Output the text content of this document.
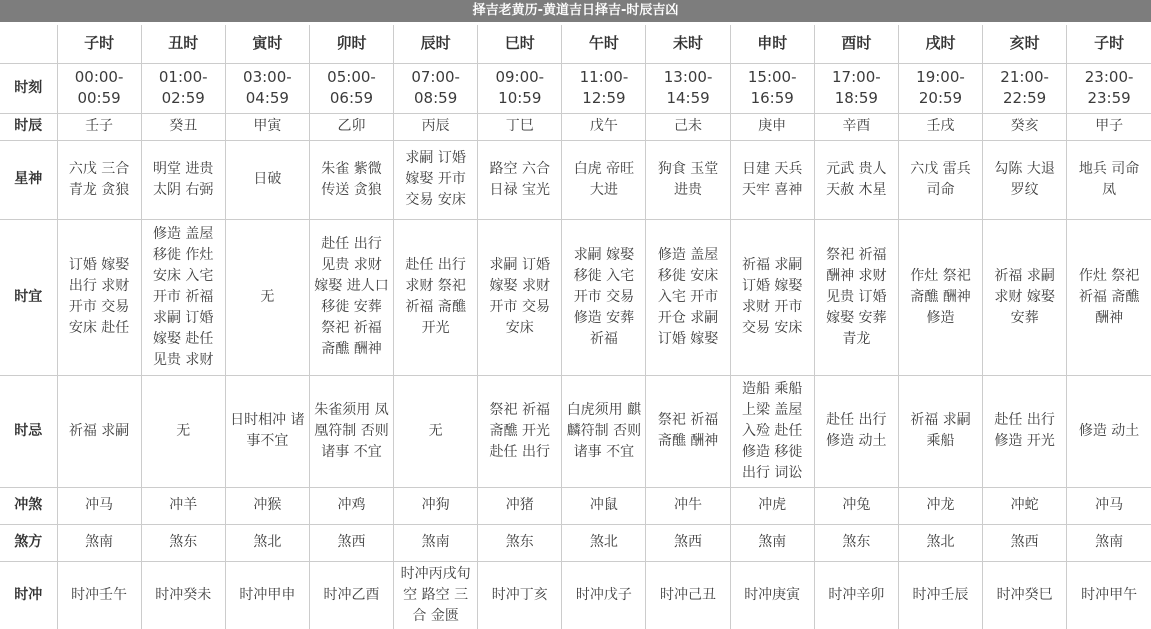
择吉老黄历-黄道吉日择吉-时辰吉凶
	子时	丑时	寅时	卯时	辰时	巳时	午时	未时	申时	酉时	戌时	亥时	子时
时刻	00:00-00:59	01:00-02:59	03:00-04:59	05:00-06:59	07:00-08:59	09:00-10:59	11:00-12:59	13:00-14:59	15:00-16:59	17:00-18:59	19:00-20:59	21:00-22:59	23:00-23:59
时辰	壬子	癸丑	甲寅	乙卯	丙辰	丁巳	戊午	己未	庚申	辛酉	壬戌	癸亥	甲子
星神	六戊 三合 青龙 贪狼	明堂 进贵 太阴 右弼	日破	朱雀 紫微 传送 贪狼	求嗣 订婚 嫁娶 开市 交易 安床	路空 六合 日禄 宝光	白虎 帝旺 大进	狗食 玉堂 进贵	日建 天兵 天牢 喜神	元武 贵人 天赦 木星	六戊 雷兵 司命	勾陈 大退 罗纹	地兵 司命 凤
时宜	订婚 嫁娶 出行 求财 开市 交易 安床 赴任	修造 盖屋 移徙 作灶 安床 入宅 开市 祈福 求嗣 订婚 嫁娶 赴任 见贵 求财	无	赴任 出行 见贵 求财 嫁娶 进人口 移徙 安葬 祭祀 祈福 斋醮 酬神	赴任 出行 求财 祭祀 祈福 斋醮 开光	求嗣 订婚 嫁娶 求财 开市 交易 安床	求嗣 嫁娶 移徙 入宅 开市 交易 修造 安葬 祈福	修造 盖屋 移徙 安床 入宅 开市 开仓 求嗣 订婚 嫁娶	祈福 求嗣 订婚 嫁娶 求财 开市 交易 安床	祭祀 祈福 酬神 求财 见贵 订婚 嫁娶 安葬 青龙	作灶 祭祀 斋醮 酬神 修造	祈福 求嗣 求财 嫁娶 安葬	作灶 祭祀 祈福 斋醮 酬神
时忌	祈福 求嗣	无	日时相冲 诸事不宜	朱雀须用 凤凰符制 否则 诸事 不宜	无	祭祀 祈福 斋醮 开光 赴任 出行	白虎须用 麒麟符制 否则 诸事 不宜	祭祀 祈福 斋醮 酬神	造船 乘船 上梁 盖屋 入殓 赴任 修造 移徙 出行 词讼	赴任 出行 修造 动土	祈福 求嗣 乘船	赴任 出行 修造 开光	修造 动土
冲煞	冲马	冲羊	冲猴	冲鸡	冲狗	冲猪	冲鼠	冲牛	冲虎	冲兔	冲龙	冲蛇	冲马
煞方	煞南	煞东	煞北	煞西	煞南	煞东	煞北	煞西	煞南	煞东	煞北	煞西	煞南
时冲	时冲壬午	时冲癸未	时冲甲申	时冲乙酉	时冲丙戌旬空 路空 三合 金匮	时冲丁亥	时冲戊子	时冲己丑	时冲庚寅	时冲辛卯	时冲壬辰	时冲癸巳	时冲甲午
